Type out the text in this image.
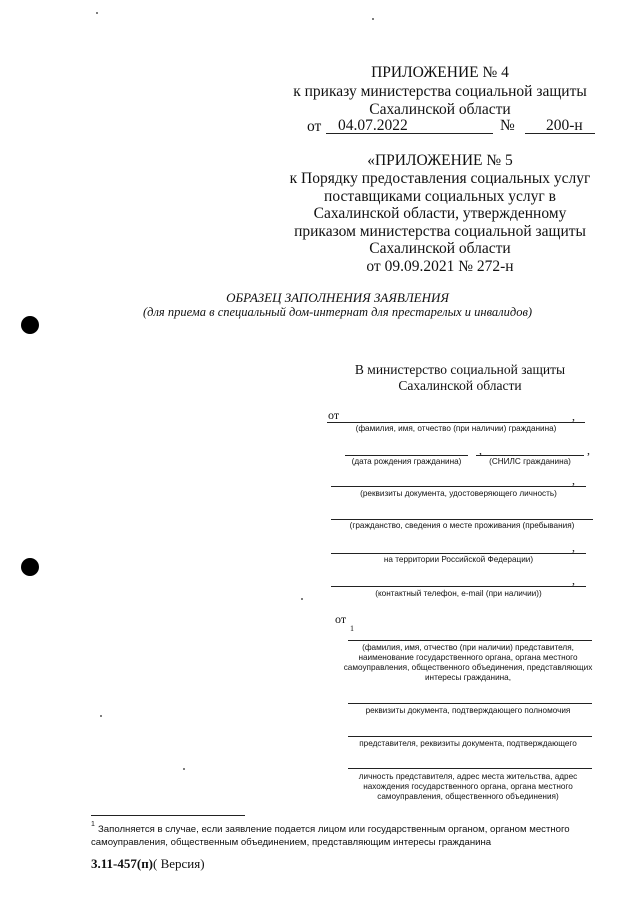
ПРИЛОЖЕНИЕ № 4
к приказу министерства социальной защиты
Сахалинской области
от 04.07.2022	№ 200-н
«ПРИЛОЖЕНИЕ № 5
к Порядку предоставления социальных услуг
поставщиками социальных услуг в
Сахалинской области, утвержденному
приказом министерства социальной защиты
Сахалинской области
от 09.09.2021 № 272-н
ОБРАЗЕЦ ЗАПОЛНЕНИЯ ЗАЯВЛЕНИЯ
(для приема в специальный дом-интернат для престарелых и инвалидов)
В министерство социальной защиты
Сахалинской области
от	,
(фамилия, имя, отчество (при наличии) гражданина)
,	,
(дата рождения гражданина)	(СНИЛС гражданина)
,
(реквизиты документа, удостоверяющего личность)
(гражданство, сведения о месте проживания (пребывания)
,
на территории Российской Федерации)
,
(контактный телефон, e-mail (при наличии))
от
1
(фамилия, имя, отчество (при наличии) представителя,
наименование государственного органа, органа местного
самоуправления, общественного объединения, представляющих
интересы гражданина,
реквизиты документа, подтверждающего полномочия
представителя, реквизиты документа, подтверждающего
личность представителя, адрес места жительства, адрес
нахождения государственного органа, органа местного
самоуправления, общественного объединения)
1 Заполняется в случае, если заявление подается лицом или государственным органом, органом местного
самоуправления, общественным объединением, представляющим интересы гражданина
3.11-457(п)( Версия)
